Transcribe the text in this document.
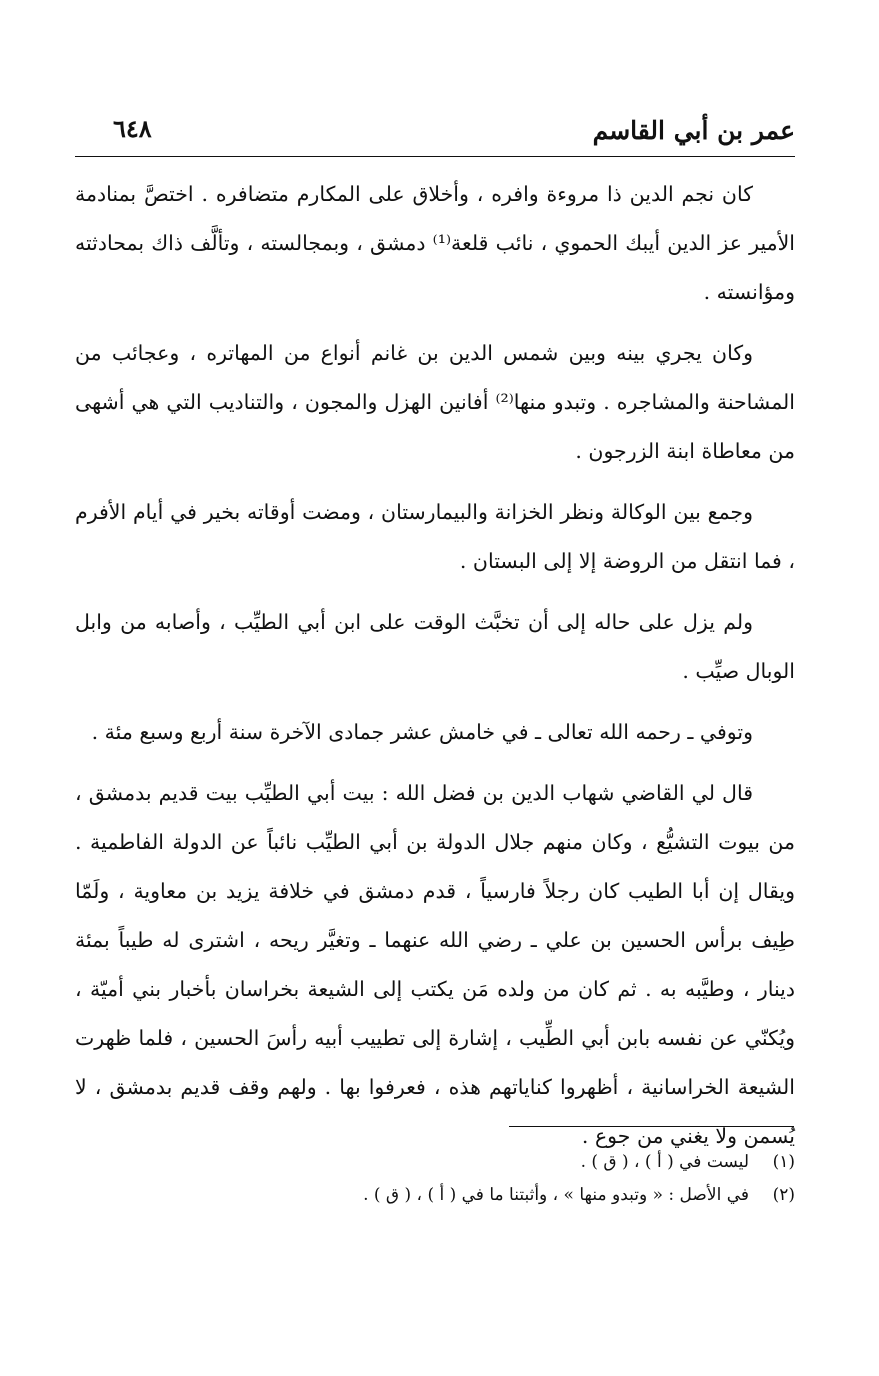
عمر بن أبي القاسم
٦٤٨

كان نجم الدين ذا مروءة وافره ، وأخلاق على المكارم متضافره . اختصَّ بمنادمة الأمير عز الدين أيبك الحموي ، نائب قلعة⁽¹⁾ دمشق ، وبمجالسته ، وتألَّف ذاك بمحادثته ومؤانسته .

وكان يجري بينه وبين شمس الدين بن غانم أنواع من المهاتره ، وعجائب من المشاحنة والمشاجره . وتبدو منها⁽²⁾ أفانين الهزل والمجون ، والتناديب التي هي أشهى من معاطاة ابنة الزرجون .

وجمع بين الوكالة ونظر الخزانة والبيمارستان ، ومضت أوقاته بخير في أيام الأفرم ، فما انتقل من الروضة إلا إلى البستان .

ولم يزل على حاله إلى أن تخبَّث الوقت على ابن أبي الطيِّب ، وأصابه من وابل الوبال صيِّب .

وتوفي ـ رحمه الله تعالى ـ في خامش عشر جمادى الآخرة سنة أربع وسبع مئة .

قال لي القاضي شهاب الدين بن فضل الله : بيت أبي الطيِّب بيت قديم بدمشق ، من بيوت التشيُّع ، وكان منهم جلال الدولة بن أبي الطيِّب نائباً عن الدولة الفاطمية . ويقال إن أبا الطيب كان رجلاً فارسياً ، قدم دمشق في خلافة يزيد بن معاوية ، ولَمّا طِيف برأس الحسين بن علي ـ رضي الله عنهما ـ وتغيَّر ريحه ، اشترى له طيباً بمئة دينار ، وطيَّبه به . ثم كان من ولده مَن يكتب إلى الشيعة بخراسان بأخبار بني أميّة ، ويُكنّي عن نفسه بابن أبي الطِّيب ، إشارة إلى تطييب أبيه رأسَ الحسين ، فلما ظهرت الشيعة الخراسانية ، أظهروا كناياتهم هذه ، فعرفوا بها . ولهم وقف قديم بدمشق ، لا يُسمن ولا يغني من جوع .

(١)
ليست في ( أ ) ، ( ق ) .
(٢)
في الأصل : « وتبدو منها » ، وأثبتنا ما في ( أ ) ، ( ق ) .
